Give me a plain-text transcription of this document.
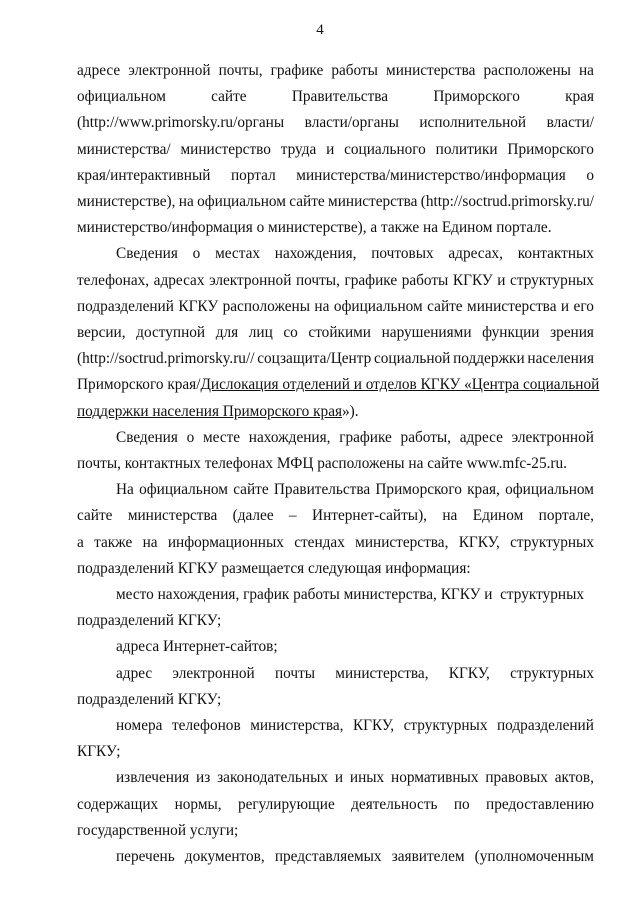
4
адресе электронной почты, графике работы министерства расположены на
официальном	сайте	Правительства	Приморского	края
(http://www.primorsky.ru/органы власти/органы исполнительной власти/
министерства/ министерство труда и социального политики Приморского
края/интерактивный портал министерства/министерство/информация о
министерстве), на официальном сайте министерства (http://soctrud.primorsky.ru/
министерство/информация о министерстве), а также на Едином портале.
Сведения о местах нахождения, почтовых адресах, контактных
телефонах, адресах электронной почты, графике работы КГКУ и структурных
подразделений КГКУ расположены на официальном сайте министерства и его
версии, доступной для лиц со стойкими нарушениями функции зрения
(http://soctrud.primorsky.ru// соцзащита/Центр социальной поддержки населения
Приморского края/ Дислокация отделений и отделов КГКУ «Центра социальной
поддержки населения Приморского края »).
Сведения о месте нахождения, графике работы, адресе электронной
почты, контактных телефонах МФЦ расположены на сайте www.mfc-25.ru.
На официальном сайте Правительства Приморского края, официальном
сайте министерства (далее – Интернет-сайты), на Едином портале,
а также на информационных стендах министерства, КГКУ, структурных
подразделений КГКУ размещается следующая информация:
место нахождения, график работы министерства, КГКУ и  структурных
подразделений КГКУ;
адреса Интернет-сайтов;
адрес электронной почты министерства, КГКУ, структурных
подразделений КГКУ;
номера телефонов министерства, КГКУ, структурных подразделений
КГКУ;
извлечения из законодательных и иных нормативных правовых актов,
содержащих нормы, регулирующие деятельность по предоставлению
государственной услуги;
перечень документов, представляемых заявителем (уполномоченным
